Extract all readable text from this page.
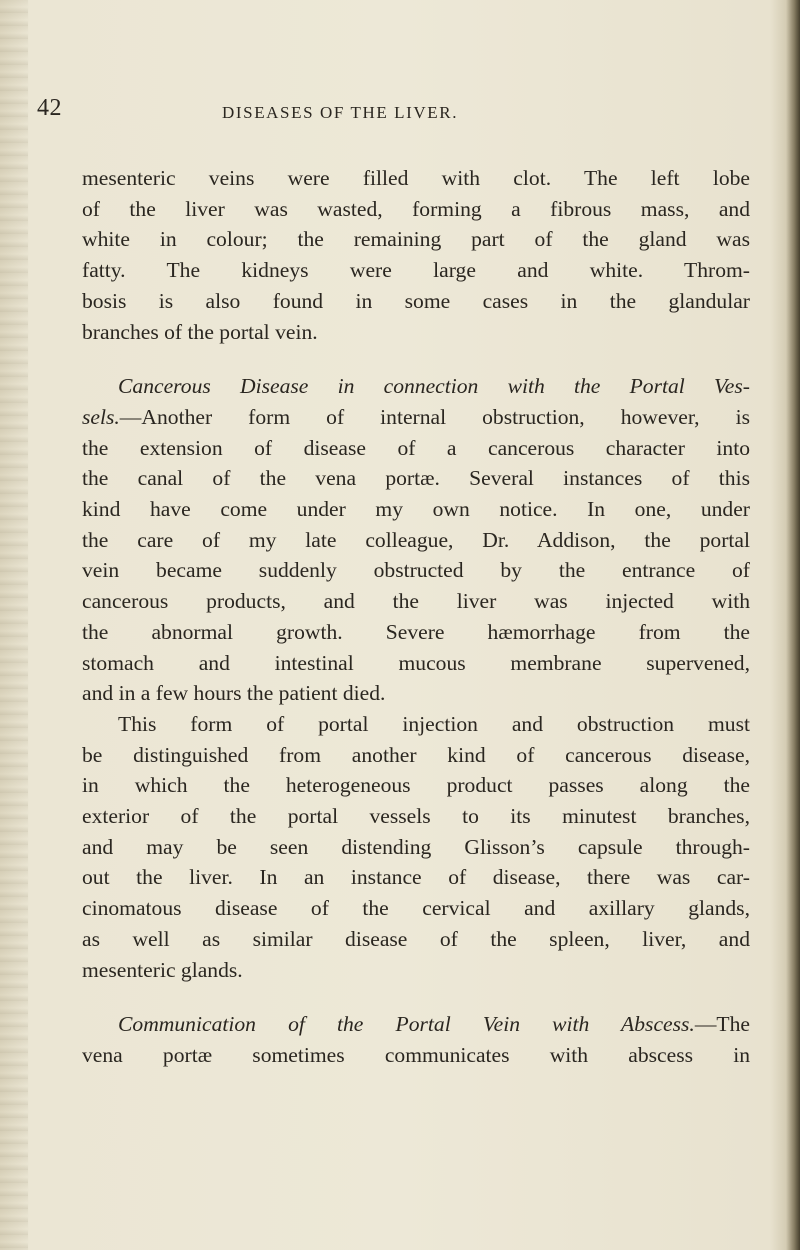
42	DISEASES OF THE LIVER.
mesenteric veins were filled with clot. The left lobe
of the liver was wasted, forming a fibrous mass, and
white in colour; the remaining part of the gland was
fatty. The kidneys were large and white. Throm-
bosis is also found in some cases in the glandular
branches of the portal vein.
Cancerous Disease in connection with the Portal Ves-
sels.—Another form of internal obstruction, however, is
the extension of disease of a cancerous character into
the canal of the vena portæ. Several instances of this
kind have come under my own notice. In one, under
the care of my late colleague, Dr. Addison, the portal
vein became suddenly obstructed by the entrance of
cancerous products, and the liver was injected with
the abnormal growth. Severe hæmorrhage from the
stomach and intestinal mucous membrane supervened,
and in a few hours the patient died.
This form of portal injection and obstruction must
be distinguished from another kind of cancerous disease,
in which the heterogeneous product passes along the
exterior of the portal vessels to its minutest branches,
and may be seen distending Glisson’s capsule through-
out the liver. In an instance of disease, there was car-
cinomatous disease of the cervical and axillary glands,
as well as similar disease of the spleen, liver, and
mesenteric glands.
Communication of the Portal Vein with Abscess.—The
vena portæ sometimes communicates with abscess in
